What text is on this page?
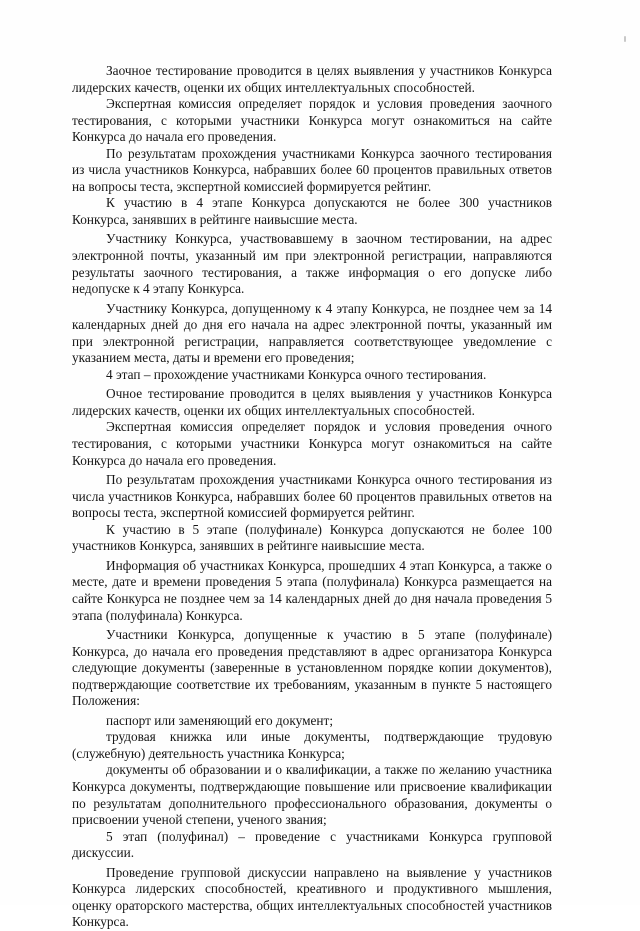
Заочное тестирование проводится в целях выявления у участников Конкурса лидерских качеств, оценки их общих интеллектуальных способностей.

Экспертная комиссия определяет порядок и условия проведения заочного тестирования, с которыми участники Конкурса могут ознакомиться на сайте Конкурса до начала его проведения.

По результатам прохождения участниками Конкурса заочного тестирования из числа участников Конкурса, набравших более 60 процентов правильных ответов на вопросы теста, экспертной комиссией формируется рейтинг.

К участию в 4 этапе Конкурса допускаются не более 300 участников Конкурса, занявших в рейтинге наивысшие места.

Участнику Конкурса, участвовавшему в заочном тестировании, на адрес электронной почты, указанный им при электронной регистрации, направляются результаты заочного тестирования, а также информация о его допуске либо недопуске к 4 этапу Конкурса.

Участнику Конкурса, допущенному к 4 этапу Конкурса, не позднее чем за 14 календарных дней до дня его начала на адрес электронной почты, указанный им при электронной регистрации, направляется соответствующее уведомление с указанием места, даты и времени его проведения;

4 этап – прохождение участниками Конкурса очного тестирования.

Очное тестирование проводится в целях выявления у участников Конкурса лидерских качеств, оценки их общих интеллектуальных способностей.

Экспертная комиссия определяет порядок и условия проведения очного тестирования, с которыми участники Конкурса могут ознакомиться на сайте Конкурса до начала его проведения.

По результатам прохождения участниками Конкурса очного тестирования из числа участников Конкурса, набравших более 60 процентов правильных ответов на вопросы теста, экспертной комиссией формируется рейтинг.

К участию в 5 этапе (полуфинале) Конкурса допускаются не более 100 участников Конкурса, занявших в рейтинге наивысшие места.

Информация об участниках Конкурса, прошедших 4 этап Конкурса, а также о месте, дате и времени проведения 5 этапа (полуфинала) Конкурса размещается на сайте Конкурса не позднее чем за 14 календарных дней до дня начала проведения 5 этапа (полуфинала) Конкурса.

Участники Конкурса, допущенные к участию в 5 этапе (полуфинале) Конкурса, до начала его проведения представляют в адрес организатора Конкурса следующие документы (заверенные в установленном порядке копии документов), подтверждающие соответствие их требованиям, указанным в пункте 5 настоящего Положения:

паспорт или заменяющий его документ;

трудовая книжка или иные документы, подтверждающие трудовую (служебную) деятельность участника Конкурса;

документы об образовании и о квалификации, а также по желанию участника Конкурса документы, подтверждающие повышение или присвоение квалификации по результатам дополнительного профессионального образования, документы о присвоении ученой степени, ученого звания;

5 этап (полуфинал) – проведение с участниками Конкурса групповой дискуссии.

Проведение групповой дискуссии направлено на выявление у участников Конкурса лидерских способностей, креативного и продуктивного мышления, оценку ораторского мастерства, общих интеллектуальных способностей участников Конкурса.
